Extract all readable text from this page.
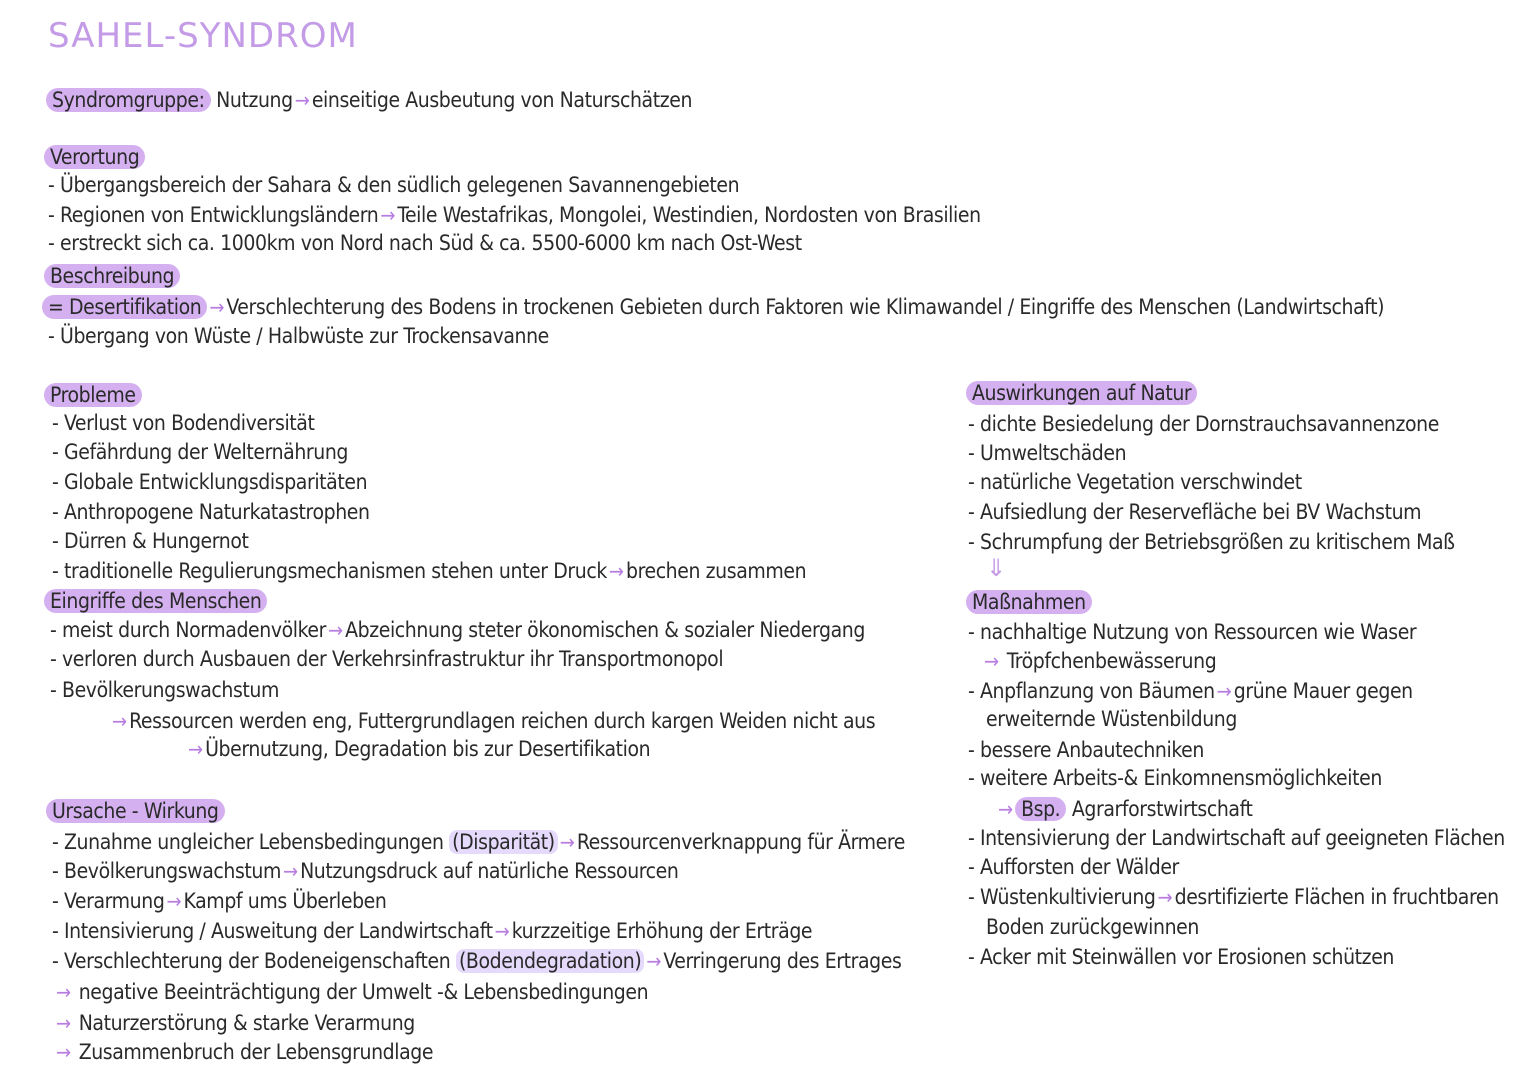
SAHEL-SYNDROM
Syndromgruppe: Nutzung →einseitige Ausbeutung von Naturschätzen
Verortung
- Übergangsbereich der Sahara & den südlich gelegenen Savannengebieten
- Regionen von Entwicklungsländern →Teile Westafrikas, Mongolei, Westindien, Nordosten von Brasilien
- erstreckt sich ca. 1000km von Nord nach Süd & ca. 5500-6000 km nach Ost-West
Beschreibung
= Desertifikation →Verschlechterung des Bodens in trockenen Gebieten durch Faktoren wie Klimawandel / Eingriffe des Menschen (Landwirtschaft)
- Übergang von Wüste / Halbwüste zur Trockensavanne
Probleme
- Verlust von Bodendiversität
- Gefährdung der Welternährung
- Globale Entwicklungsdisparitäten
- Anthropogene Naturkatastrophen
- Dürren & Hungernot
- traditionelle Regulierungsmechanismen stehen unter Druck →brechen zusammen
Eingriffe des Menschen
- meist durch Normadenvölker →Abzeichnung steter ökonomischen & sozialer Niedergang
- verloren durch Ausbauen der Verkehrsinfrastruktur ihr Transportmonopol
- Bevölkerungswachstum
→Ressourcen werden eng, Futtergrundlagen reichen durch kargen Weiden nicht aus
→Übernutzung, Degradation bis zur Desertifikation
Ursache - Wirkung
- Zunahme ungleicher Lebensbedingungen (Disparität) →Ressourcenverknappung für Ärmere
- Bevölkerungswachstum →Nutzungsdruck auf natürliche Ressourcen
- Verarmung →Kampf ums Überleben
- Intensivierung / Ausweitung der Landwirtschaft →kurzzeitige Erhöhung der Erträge
- Verschlechterung der Bodeneigenschaften (Bodendegradation) →Verringerung des Ertrages
→ negative Beeinträchtigung der Umwelt -& Lebensbedingungen
→ Naturzerstörung & starke Verarmung
→ Zusammenbruch der Lebensgrundlage
Auswirkungen auf Natur
- dichte Besiedelung der Dornstrauchsavannenzone
- Umweltschäden
- natürliche Vegetation verschwindet
- Aufsiedlung der Reservefläche bei BV Wachstum
- Schrumpfung der Betriebsgrößen zu kritischem Maß
⇓
Maßnahmen
- nachhaltige Nutzung von Ressourcen wie Waser
→ Tröpfchenbewässerung
- Anpflanzung von Bäumen →grüne Mauer gegen
erweiternde Wüstenbildung
- bessere Anbautechniken
- weitere Arbeits-& Einkomnensmöglichkeiten
→ Bsp. Agrarforstwirtschaft
- Intensivierung der Landwirtschaft auf geeigneten Flächen
- Aufforsten der Wälder
- Wüstenkultivierung →desrtifizierte Flächen in fruchtbaren
Boden zurückgewinnen
- Acker mit Steinwällen vor Erosionen schützen
